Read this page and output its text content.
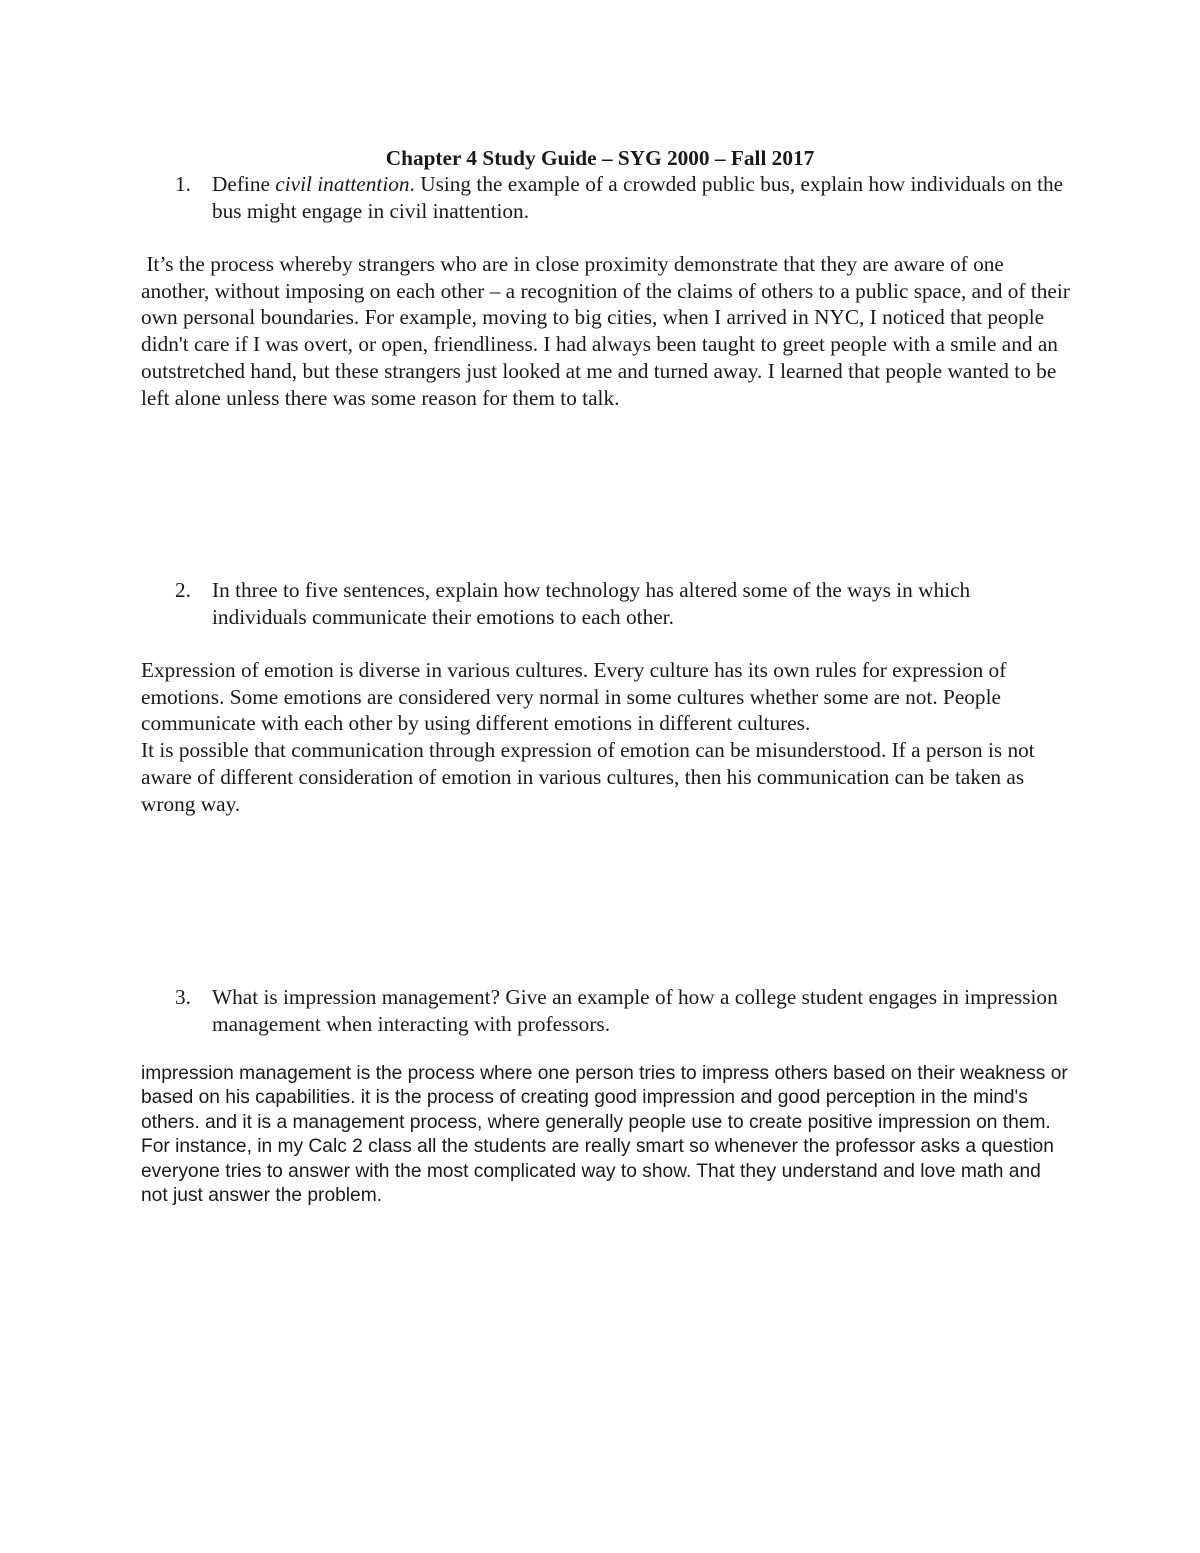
Chapter 4 Study Guide – SYG 2000 – Fall 2017
1. Define civil inattention. Using the example of a crowded public bus, explain how individuals on the bus might engage in civil inattention.

It’s the process whereby strangers who are in close proximity demonstrate that they are aware of one another, without imposing on each other – a recognition of the claims of others to a public space, and of their own personal boundaries. For example, moving to big cities, when I arrived in NYC, I noticed that people didn't care if I was overt, or open, friendliness. I had always been taught to greet people with a smile and an outstretched hand, but these strangers just looked at me and turned away. I learned that people wanted to be left alone unless there was some reason for them to talk.

2. In three to five sentences, explain how technology has altered some of the ways in which individuals communicate their emotions to each other.

Expression of emotion is diverse in various cultures. Every culture has its own rules for expression of emotions. Some emotions are considered very normal in some cultures whether some are not. People communicate with each other by using different emotions in different cultures.

It is possible that communication through expression of emotion can be misunderstood. If a person is not aware of different consideration of emotion in various cultures, then his communication can be taken as wrong way.

3. What is impression management? Give an example of how a college student engages in impression management when interacting with professors.

impression management is the process where one person tries to impress others based on their weakness or based on his capabilities. it is the process of creating good impression and good perception in the mind's others. and it is a management process, where generally people use to create positive impression on them. For instance, in my Calc 2 class all the students are really smart so whenever the professor asks a question everyone tries to answer with the most complicated way to show. That they understand and love math and not just answer the problem.
